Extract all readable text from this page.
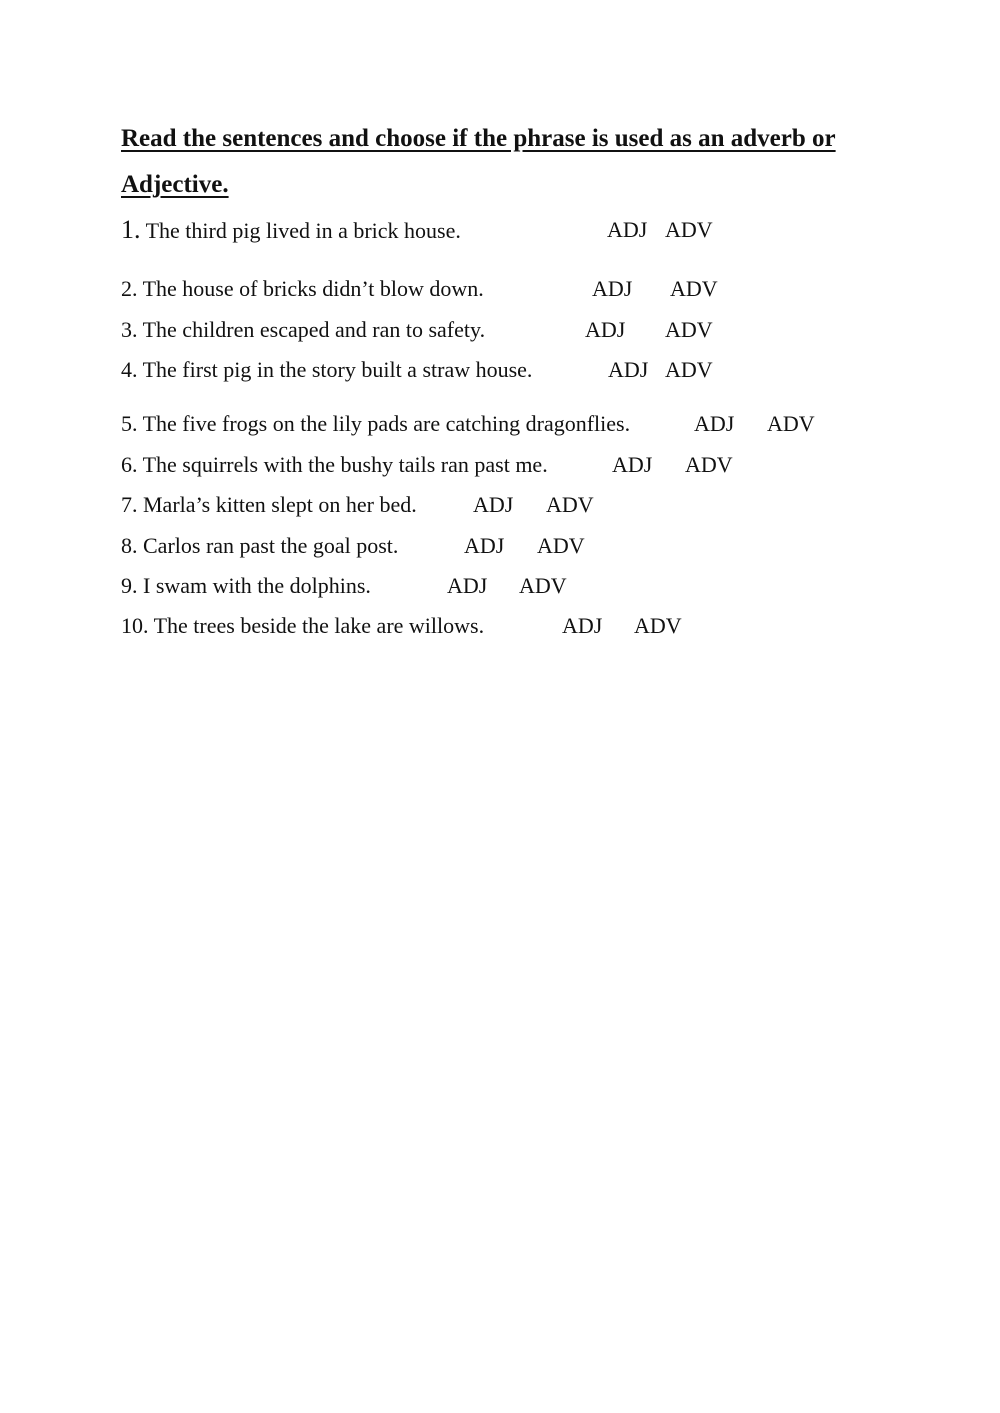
Read the sentences and choose if the phrase is used as an adverb or Adjective.
1. The third pig lived in a brick house.	ADJ ADV
2. The house of bricks didn’t blow down.	ADJ ADV
3. The children escaped and ran to safety.	ADJ ADV
4. The first pig in the story built a straw house.	ADJ ADV
5. The five frogs on the lily pads are catching dragonflies.	ADJ ADV
6. The squirrels with the bushy tails ran past me.	ADJ ADV
7. Marla’s kitten slept on her bed.	ADJ ADV
8. Carlos ran past the goal post.	ADJ ADV
9. I swam with the dolphins.	ADJ ADV
10. The trees beside the lake are willows.	ADJ ADV
